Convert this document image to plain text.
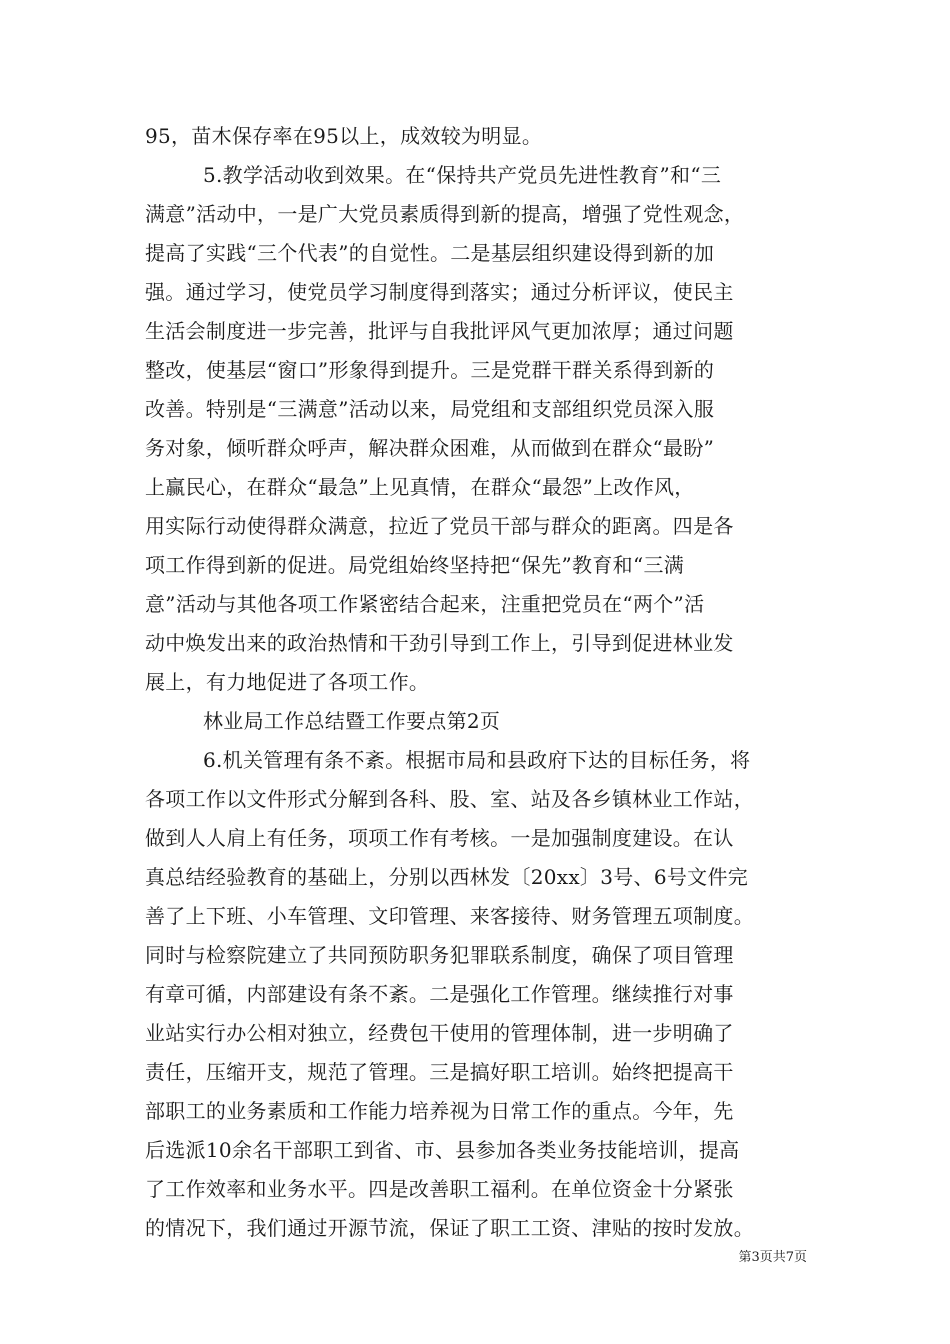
95，苗木保存率在95以上，成效较为明显。
5.教学活动收到效果。在“保持共产党员先进性教育”和“三
满意”活动中，一是广大党员素质得到新的提高，增强了党性观念，
提高了实践“三个代表”的自觉性。二是基层组织建设得到新的加
强。通过学习，使党员学习制度得到落实；通过分析评议，使民主
生活会制度进一步完善，批评与自我批评风气更加浓厚；通过问题
整改，使基层“窗口”形象得到提升。三是党群干群关系得到新的
改善。特别是“三满意”活动以来，局党组和支部组织党员深入服
务对象，倾听群众呼声，解决群众困难，从而做到在群众“最盼”
上赢民心，在群众“最急”上见真情，在群众“最怨”上改作风，
用实际行动使得群众满意，拉近了党员干部与群众的距离。四是各
项工作得到新的促进。局党组始终坚持把“保先”教育和“三满
意”活动与其他各项工作紧密结合起来，注重把党员在“两个”活
动中焕发出来的政治热情和干劲引导到工作上，引导到促进林业发
展上，有力地促进了各项工作。
林业局工作总结暨工作要点第2页
6.机关管理有条不紊。根据市局和县政府下达的目标任务，将
各项工作以文件形式分解到各科、股、室、站及各乡镇林业工作站，
做到人人肩上有任务，项项工作有考核。一是加强制度建设。在认
真总结经验教育的基础上，分别以西林发〔20xx〕3号、6号文件完
善了上下班、小车管理、文印管理、来客接待、财务管理五项制度。
同时与检察院建立了共同预防职务犯罪联系制度，确保了项目管理
有章可循，内部建设有条不紊。二是强化工作管理。继续推行对事
业站实行办公相对独立，经费包干使用的管理体制，进一步明确了
责任，压缩开支，规范了管理。三是搞好职工培训。始终把提高干
部职工的业务素质和工作能力培养视为日常工作的重点。今年，先
后选派10余名干部职工到省、市、县参加各类业务技能培训，提高
了工作效率和业务水平。四是改善职工福利。在单位资金十分紧张
的情况下，我们通过开源节流，保证了职工工资、津贴的按时发放。
第3页共7页
